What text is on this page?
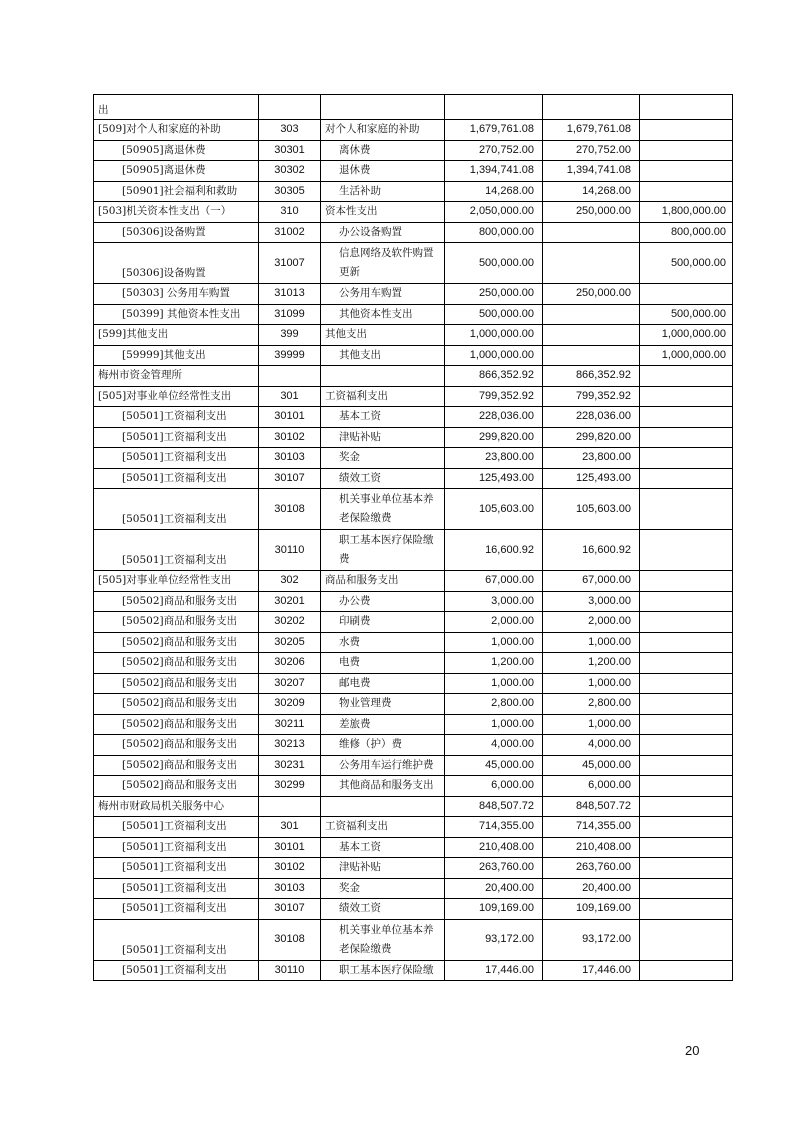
出					
[509]对个人和家庭的补助	303	对个人和家庭的补助	1,679,761.08	1,679,761.08	
[50905]离退休费	30301	离休费	270,752.00	270,752.00	
[50905]离退休费	30302	退休费	1,394,741.08	1,394,741.08	
[50901]社会福利和救助	30305	生活补助	14,268.00	14,268.00	
[503]机关资本性支出（一）	310	资本性支出	2,050,000.00	250,000.00	1,800,000.00
[50306]设备购置	31002	办公设备购置	800,000.00		800,000.00
[50306]设备购置	31007	信息网络及软件购置更新	500,000.00		500,000.00
[50303] 公务用车购置	31013	公务用车购置	250,000.00	250,000.00	
[50399] 其他资本性支出	31099	其他资本性支出	500,000.00		500,000.00
[599]其他支出	399	其他支出	1,000,000.00		1,000,000.00
[59999]其他支出	39999	其他支出	1,000,000.00		1,000,000.00
梅州市资金管理所			866,352.92	866,352.92	
[505]对事业单位经常性支出	301	工资福利支出	799,352.92	799,352.92	
[50501]工资福利支出	30101	基本工资	228,036.00	228,036.00	
[50501]工资福利支出	30102	津贴补贴	299,820.00	299,820.00	
[50501]工资福利支出	30103	奖金	23,800.00	23,800.00	
[50501]工资福利支出	30107	绩效工资	125,493.00	125,493.00	
[50501]工资福利支出	30108	机关事业单位基本养老保险缴费	105,603.00	105,603.00	
[50501]工资福利支出	30110	职工基本医疗保险缴费	16,600.92	16,600.92	
[505]对事业单位经常性支出	302	商品和服务支出	67,000.00	67,000.00	
[50502]商品和服务支出	30201	办公费	3,000.00	3,000.00	
[50502]商品和服务支出	30202	印刷费	2,000.00	2,000.00	
[50502]商品和服务支出	30205	水费	1,000.00	1,000.00	
[50502]商品和服务支出	30206	电费	1,200.00	1,200.00	
[50502]商品和服务支出	30207	邮电费	1,000.00	1,000.00	
[50502]商品和服务支出	30209	物业管理费	2,800.00	2,800.00	
[50502]商品和服务支出	30211	差旅费	1,000.00	1,000.00	
[50502]商品和服务支出	30213	维修（护）费	4,000.00	4,000.00	
[50502]商品和服务支出	30231	公务用车运行维护费	45,000.00	45,000.00	
[50502]商品和服务支出	30299	其他商品和服务支出	6,000.00	6,000.00	
梅州市财政局机关服务中心			848,507.72	848,507.72	
[50501]工资福利支出	301	工资福利支出	714,355.00	714,355.00	
[50501]工资福利支出	30101	基本工资	210,408.00	210,408.00	
[50501]工资福利支出	30102	津贴补贴	263,760.00	263,760.00	
[50501]工资福利支出	30103	奖金	20,400.00	20,400.00	
[50501]工资福利支出	30107	绩效工资	109,169.00	109,169.00	
[50501]工资福利支出	30108	机关事业单位基本养老保险缴费	93,172.00	93,172.00	
[50501]工资福利支出	30110	职工基本医疗保险缴	17,446.00	17,446.00	
20
